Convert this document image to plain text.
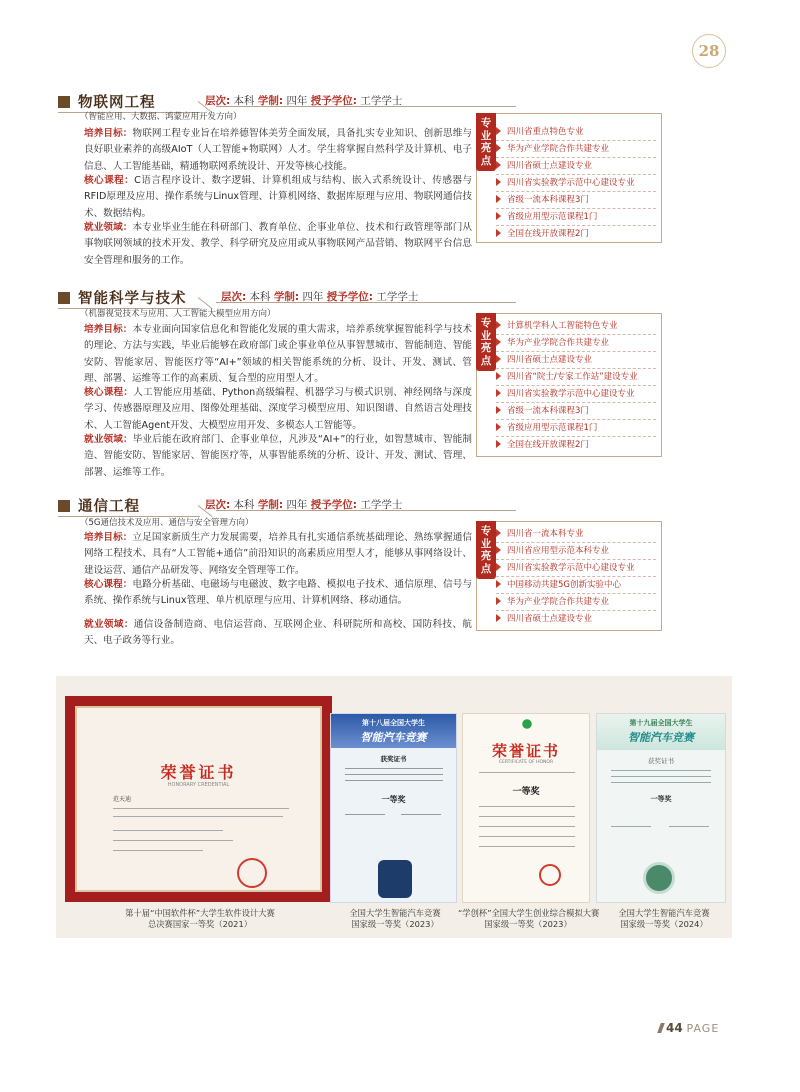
28
物联网工程	层次: 本科 学制: 四年 授予学位: 工学学士
（智能应用、大数据、鸿蒙应用开发方向）
培养目标：物联网工程专业旨在培养德智体美劳全面发展，具备扎实专业知识、创新思维与良好职业素养的高级AIoT（人工智能+物联网）人才。学生将掌握自然科学及计算机、电子信息、人工智能基础，精通物联网系统设计、开发等核心技能。
核心课程：C语言程序设计、数字逻辑、计算机组成与结构、嵌入式系统设计、传感器与RFID原理及应用、操作系统与Linux管理、计算机网络、数据库原理与应用、物联网通信技术、数据结构。
就业领域：本专业毕业生能在科研部门、教育单位、企事业单位、技术和行政管理等部门从事物联网领域的技术开发、教学、科学研究及应用或从事物联网产品营销、物联网平台信息安全管理和服务的工作。
专
业
亮
点
四川省重点特色专业
华为产业学院合作共建专业
四川省硕士点建设专业
四川省实验教学示范中心建设专业
省级一流本科课程3门
省级应用型示范课程1门
全国在线开放课程2门
智能科学与技术	层次: 本科 学制: 四年 授予学位: 工学学士
（机器视觉技术与应用、人工智能大模型应用方向）
培养目标：本专业面向国家信息化和智能化发展的重大需求，培养系统掌握智能科学与技术的理论、方法与实践，毕业后能够在政府部门或企事业单位从事智慧城市、智能制造、智能安防、智能家居、智能医疗等“AI+”领域的相关智能系统的分析、设计、开发、测试、管理、部署、运维等工作的高素质、复合型的应用型人才。
核心课程：人工智能应用基础、Python高级编程、机器学习与模式识别、神经网络与深度学习、传感器原理及应用、图像处理基础、深度学习模型应用、知识图谱、自然语言处理技术、人工智能Agent开发、大模型应用开发、多模态人工智能等。
就业领域：毕业后能在政府部门、企事业单位，凡涉及“AI+”的行业，如智慧城市、智能制造、智能安防、智能家居、智能医疗等，从事智能系统的分析、设计、开发、测试、管理、部署、运维等工作。
专
业
亮
点
计算机学科人工智能特色专业
华为产业学院合作共建专业
四川省硕士点建设专业
四川省“院士/专家工作站”建设专业
四川省实验教学示范中心建设专业
省级一流本科课程3门
省级应用型示范课程1门
全国在线开放课程2门
通信工程	层次: 本科 学制: 四年 授予学位: 工学学士
（5G通信技术及应用、通信与安全管理方向）
培养目标：立足国家新质生产力发展需要，培养具有扎实通信系统基础理论、熟练掌握通信网络工程技术、具有“人工智能+通信”前沿知识的高素质应用型人才，能够从事网络设计、建设运营、通信产品研发等、网络安全管理等工作。
核心课程：电路分析基础、电磁场与电磁波、数字电路、模拟电子技术、通信原理、信号与系统、操作系统与Linux管理、单片机原理与应用、计算机网络、移动通信。
就业领域：通信设备制造商、电信运营商、互联网企业、科研院所和高校、国防科技、航天、电子政务等行业。
专
业
亮
点
四川省一流本科专业
四川省应用型示范本科专业
四川省实验教学示范中心建设专业
中国移动共建5G创新实验中心
华为产业学院合作共建专业
四川省硕士点建设专业
荣誉证书
HONORARY CREDENTIAL
范天迪
第十八届全国大学生
智能汽车竞赛
获奖证书
一等奖
荣誉证书
CERTIFICATE OF HONOR
一等奖
第十九届全国大学生
智能汽车竞赛
获奖证书
一等奖
第十届“中国软件杯”大学生软件设计大赛
总决赛国家一等奖（2021）
全国大学生智能汽车竞赛
国家级一等奖（2023）
“学创杯”全国大学生创业综合模拟大赛
国家级一等奖（2023）
全国大学生智能汽车竞赛
国家级一等奖（2024）
44 PAGE
